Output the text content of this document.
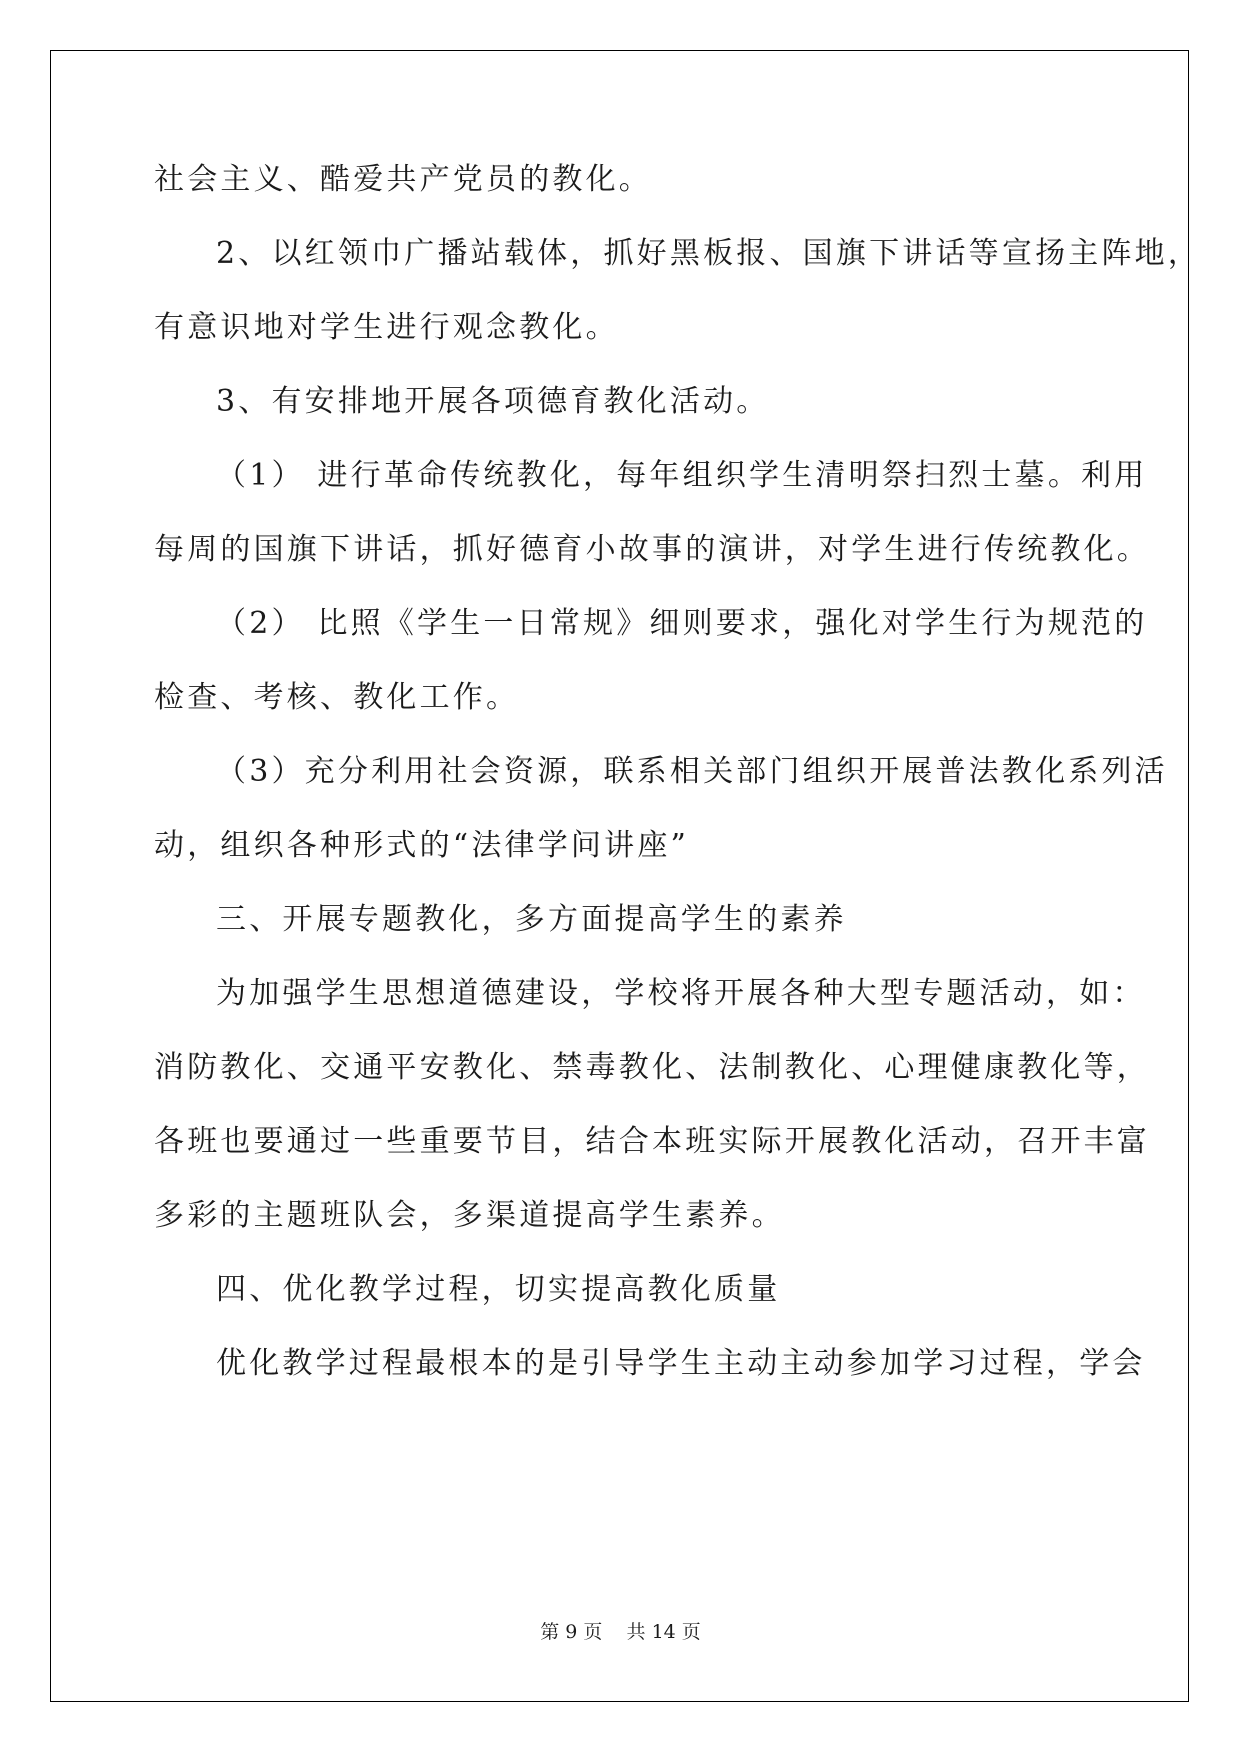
社会主义、酷爱共产党员的教化。
2、以红领巾广播站载体，抓好黑板报、国旗下讲话等宣扬主阵地，
有意识地对学生进行观念教化。
3、有安排地开展各项德育教化活动。
（1） 进行革命传统教化，每年组织学生清明祭扫烈士墓。利用
每周的国旗下讲话，抓好德育小故事的演讲，对学生进行传统教化。
（2） 比照《学生一日常规》细则要求，强化对学生行为规范的
检查、考核、教化工作。
（3）充分利用社会资源，联系相关部门组织开展普法教化系列活
动，组织各种形式的“法律学问讲座”
三、开展专题教化，多方面提高学生的素养
为加强学生思想道德建设，学校将开展各种大型专题活动，如：
消防教化、交通平安教化、禁毒教化、法制教化、心理健康教化等，
各班也要通过一些重要节目，结合本班实际开展教化活动，召开丰富
多彩的主题班队会，多渠道提高学生素养。
四、优化教学过程，切实提高教化质量
优化教学过程最根本的是引导学生主动主动参加学习过程，学会
第 9 页    共 14 页
